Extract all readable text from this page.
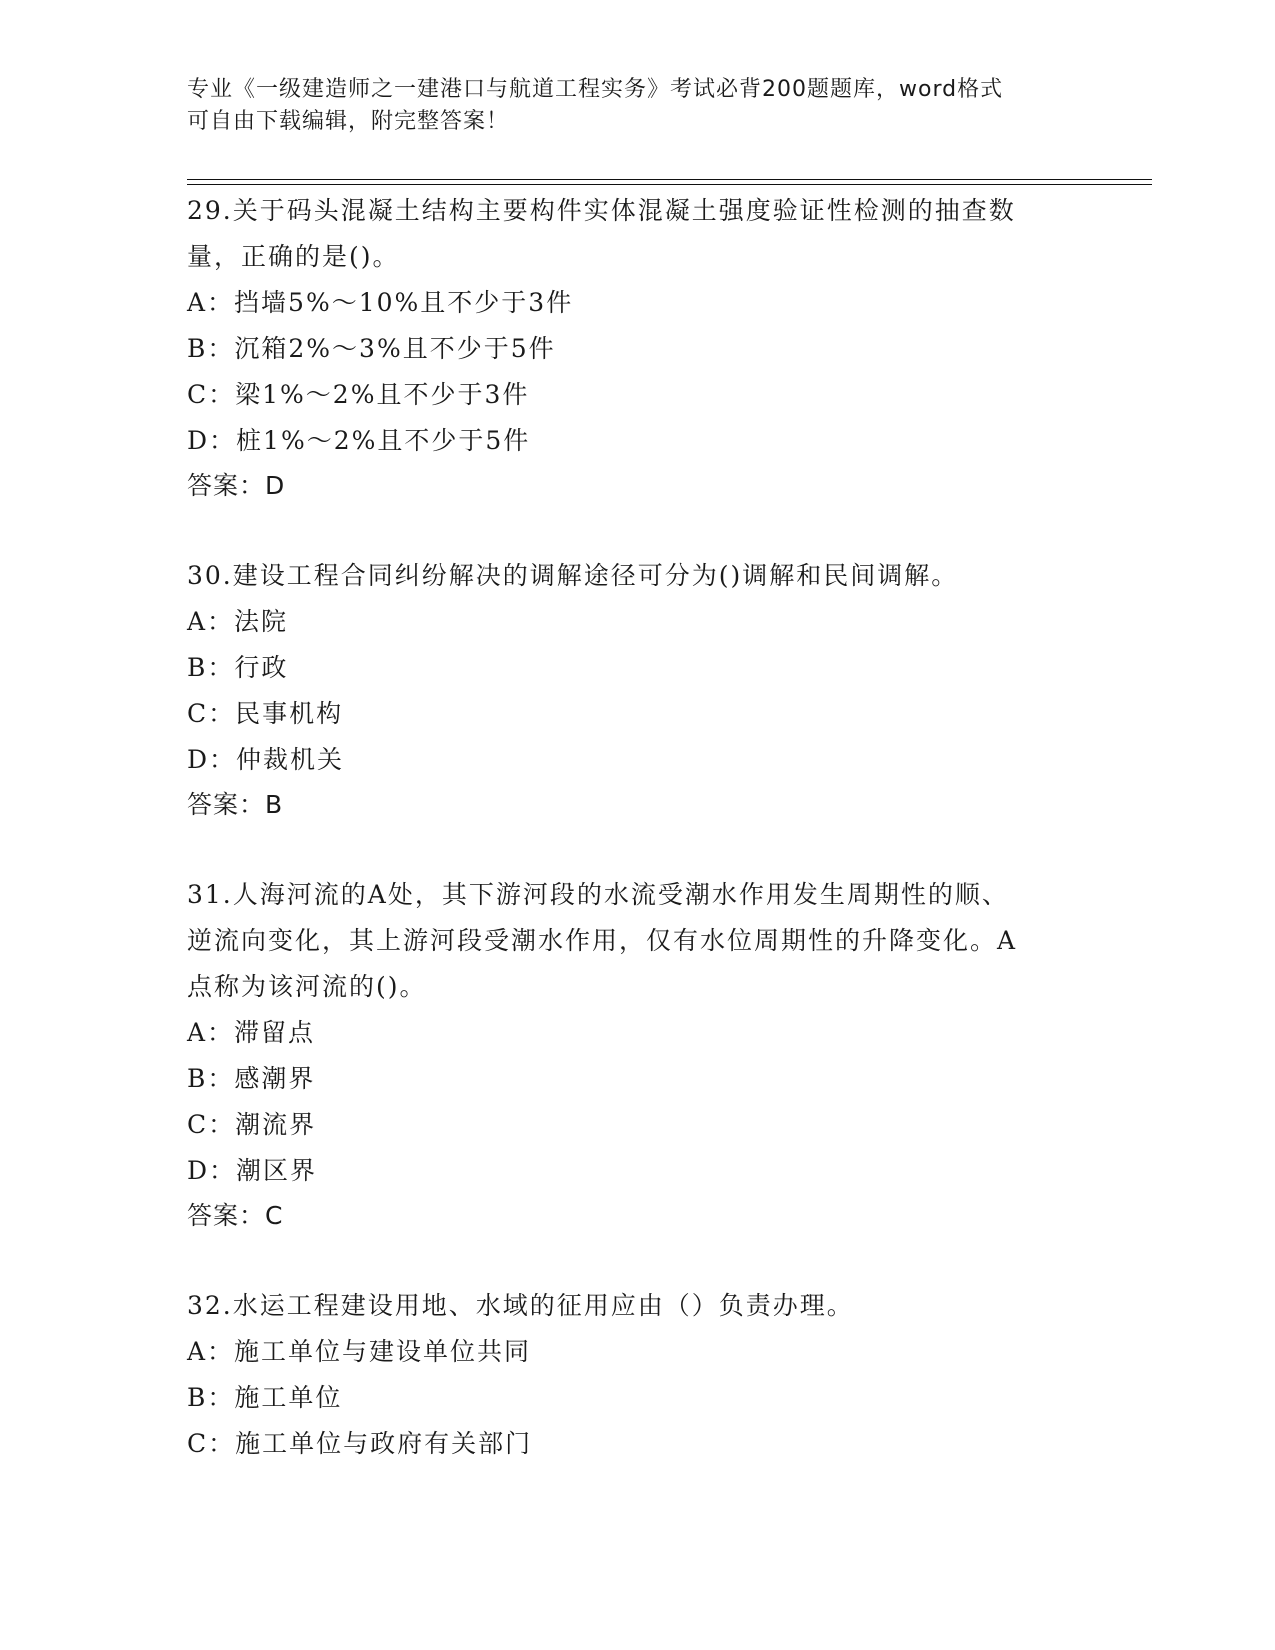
专业《一级建造师之一建港口与航道工程实务》考试必背200题题库，word格式
可自由下载编辑，附完整答案！

29.关于码头混凝土结构主要构件实体混凝土强度验证性检测的抽查数

量，正确的是()。

A：挡墙5%～10%且不少于3件

B：沉箱2%～3%且不少于5件

C：梁1%～2%且不少于3件

D：桩1%～2%且不少于5件

答案：D

30.建设工程合同纠纷解决的调解途径可分为()调解和民间调解。

A：法院

B：行政

C：民事机构

D：仲裁机关

答案：B

31.人海河流的A处，其下游河段的水流受潮水作用发生周期性的顺、

逆流向变化，其上游河段受潮水作用，仅有水位周期性的升降变化。A

点称为该河流的()。

A：滞留点

B：感潮界

C：潮流界

D：潮区界

答案：C

32.水运工程建设用地、水域的征用应由（）负责办理。

A：施工单位与建设单位共同

B：施工单位

C：施工单位与政府有关部门
